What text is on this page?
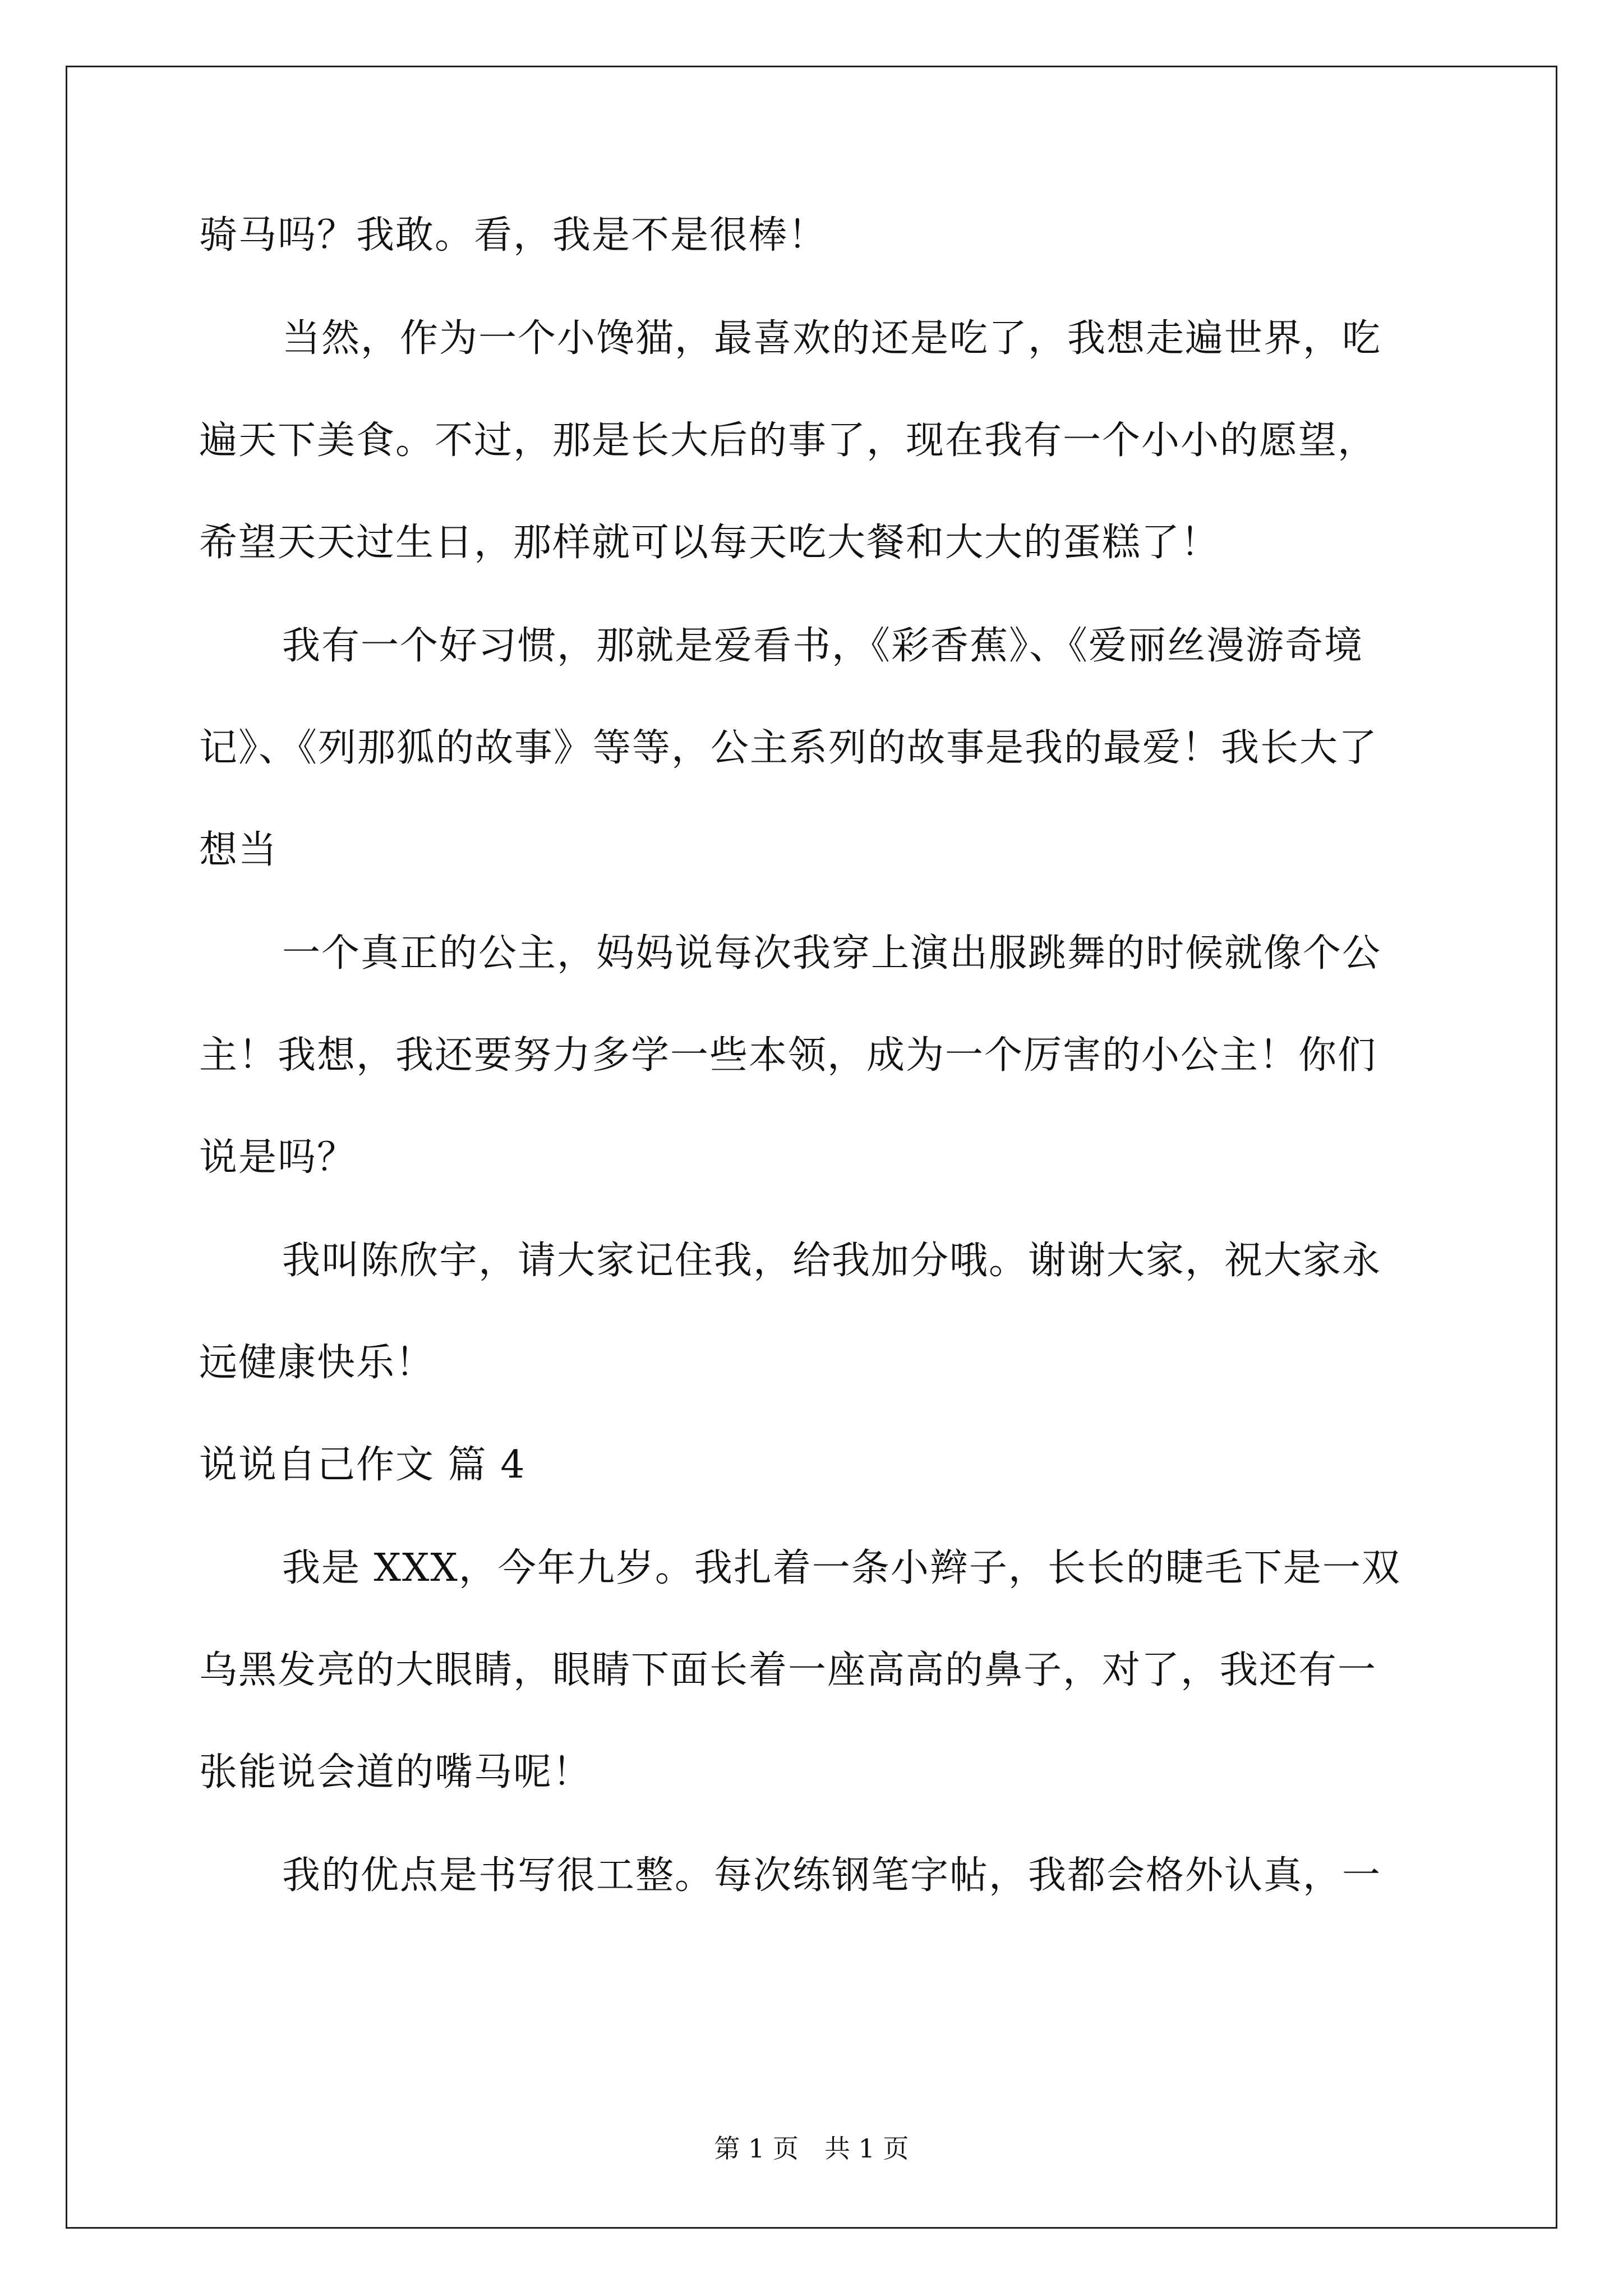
骑马吗？我敢。看，我是不是很棒！
当然，作为一个小馋猫，最喜欢的还是吃了，我想走遍世界，吃
遍天下美食。不过，那是长大后的事了，现在我有一个小小的愿望，
希望天天过生日，那样就可以每天吃大餐和大大的蛋糕了！
我有一个好习惯，那就是爱看书，《彩香蕉》、《爱丽丝漫游奇境
记》、《列那狐的故事》等等，公主系列的故事是我的最爱！我长大了
想当
一个真正的公主，妈妈说每次我穿上演出服跳舞的时候就像个公
主！我想，我还要努力多学一些本领，成为一个厉害的小公主！你们
说是吗？
我叫陈欣宇，请大家记住我，给我加分哦。谢谢大家，祝大家永
远健康快乐！
说说自己作文 篇 4
我是 XXX，今年九岁。我扎着一条小辫子，长长的睫毛下是一双
乌黑发亮的大眼睛，眼睛下面长着一座高高的鼻子，对了，我还有一
张能说会道的嘴马呢！
我的优点是书写很工整。每次练钢笔字帖，我都会格外认真，一
第 1 页　共 1 页
